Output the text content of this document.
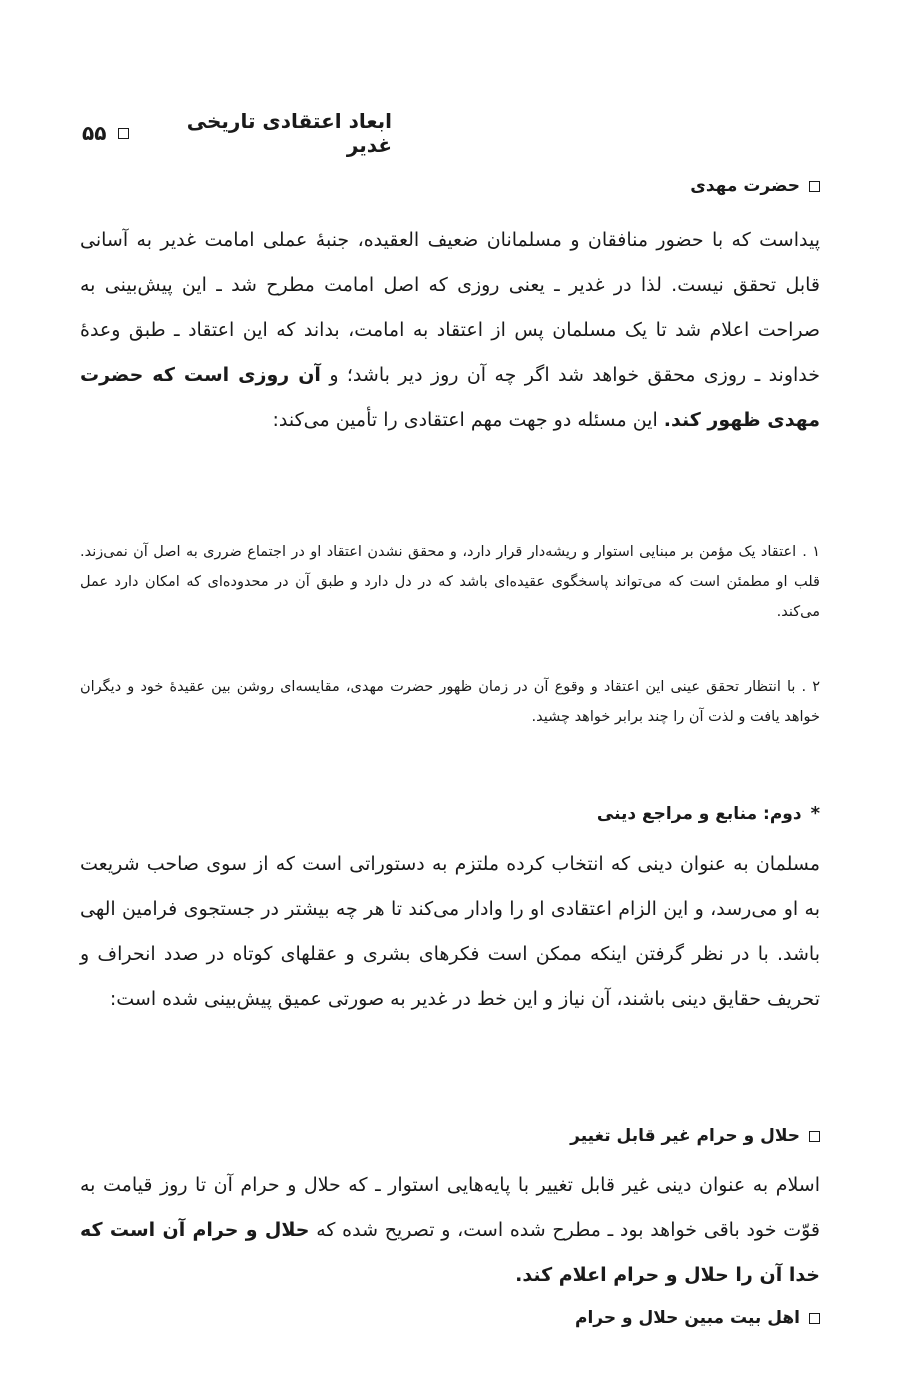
ابعاد اعتقادی تاریخی غدیر
۵۵
حضرت مهدی
پیداست که با حضور منافقان و مسلمانان ضعیف العقیده، جنبهٔ عملی امامت غدیر به آسانی قابل تحقق نیست. لذا در غدیر ـ یعنی روزی که اصل امامت مطرح شد ـ این پیش‌بینی به صراحت اعلام شد تا یک مسلمان پس از اعتقاد به امامت، بداند که این اعتقاد ـ طبق وعدهٔ خداوند ـ روزی محقق خواهد شد اگر چه آن روز دیر باشد؛ و آن روزی است که حضرت مهدی ظهور کند. این مسئله دو جهت مهم اعتقادی را تأمین می‌کند:
۱ .اعتقاد یک مؤمن بر مبنایی استوار و ریشه‌دار قرار دارد، و محقق نشدن اعتقاد او در اجتماع ضرری به اصل آن نمی‌زند. قلب او مطمئن است که می‌تواند پاسخگوی عقیده‌ای باشد که در دل دارد و طبق آن در محدوده‌ای که امکان دارد عمل می‌کند.
۲ .با انتظار تحقق عینی این اعتقاد و وقوع آن در زمان ظهور حضرت مهدی، مقایسه‌ای روشن بین عقیدهٔ خود و دیگران خواهد یافت و لذت آن را چند برابر خواهد چشید.
*
دوم: منابع و مراجع دینی
مسلمان به عنوان دینی که انتخاب کرده ملتزم به دستوراتی است که از سوی صاحب شریعت به او می‌رسد، و این الزام اعتقادی او را وادار می‌کند تا هر چه بیشتر در جستجوی فرامین الهی باشد. با در نظر گرفتن اینکه ممکن است فکرهای بشری و عقلهای کوتاه در صدد انحراف و تحریف حقایق دینی باشند، آن نیاز و این خط در غدیر به صورتی عمیق پیش‌بینی شده است:
حلال و حرام غیر قابل تغییر
اسلام به عنوان دینی غیر قابل تغییر با پایه‌هایی استوار ـ که حلال و حرام آن تا روز قیامت به قوّت خود باقی خواهد بود ـ مطرح شده است، و تصریح شده که حلال و حرام آن است که خدا آن را حلال و حرام اعلام کند.
اهل بیت مبین حلال و حرام
